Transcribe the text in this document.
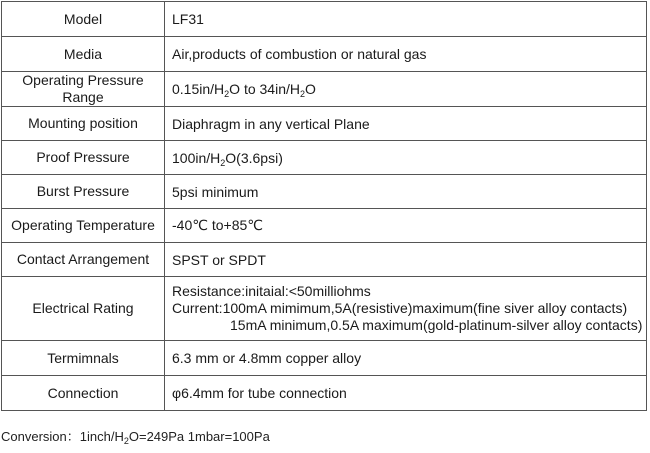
Model	LF31
Media	Air,products of combustion or natural gas

Operating Pressure
Range	$0.15in/H_2O$ to $34in/H_2O$
Mounting position	Diaphragm in any vertical Plane
Proof Pressure	$100in/H_2O(3.6psi)$
Burst Pressure	5psi minimum
Operating Temperature	-40℃ to+85℃
Contact Arrangement	SPST or SPDT
Electrical Rating	Resistance:initaial:<50milliohms
Current:100mA mimimum,5A(resistive)maximum(fine siver alloy contacts)
15mA minimum,0.5A maximum(gold-platinum-silver alloy contacts)

Termimnals	6.3 mm or 4.8mm copper alloy
Connection	φ6.4mm for tube connection
Conversion：$1inch/H_2O=249Pa$ 1mbar=100Pa
